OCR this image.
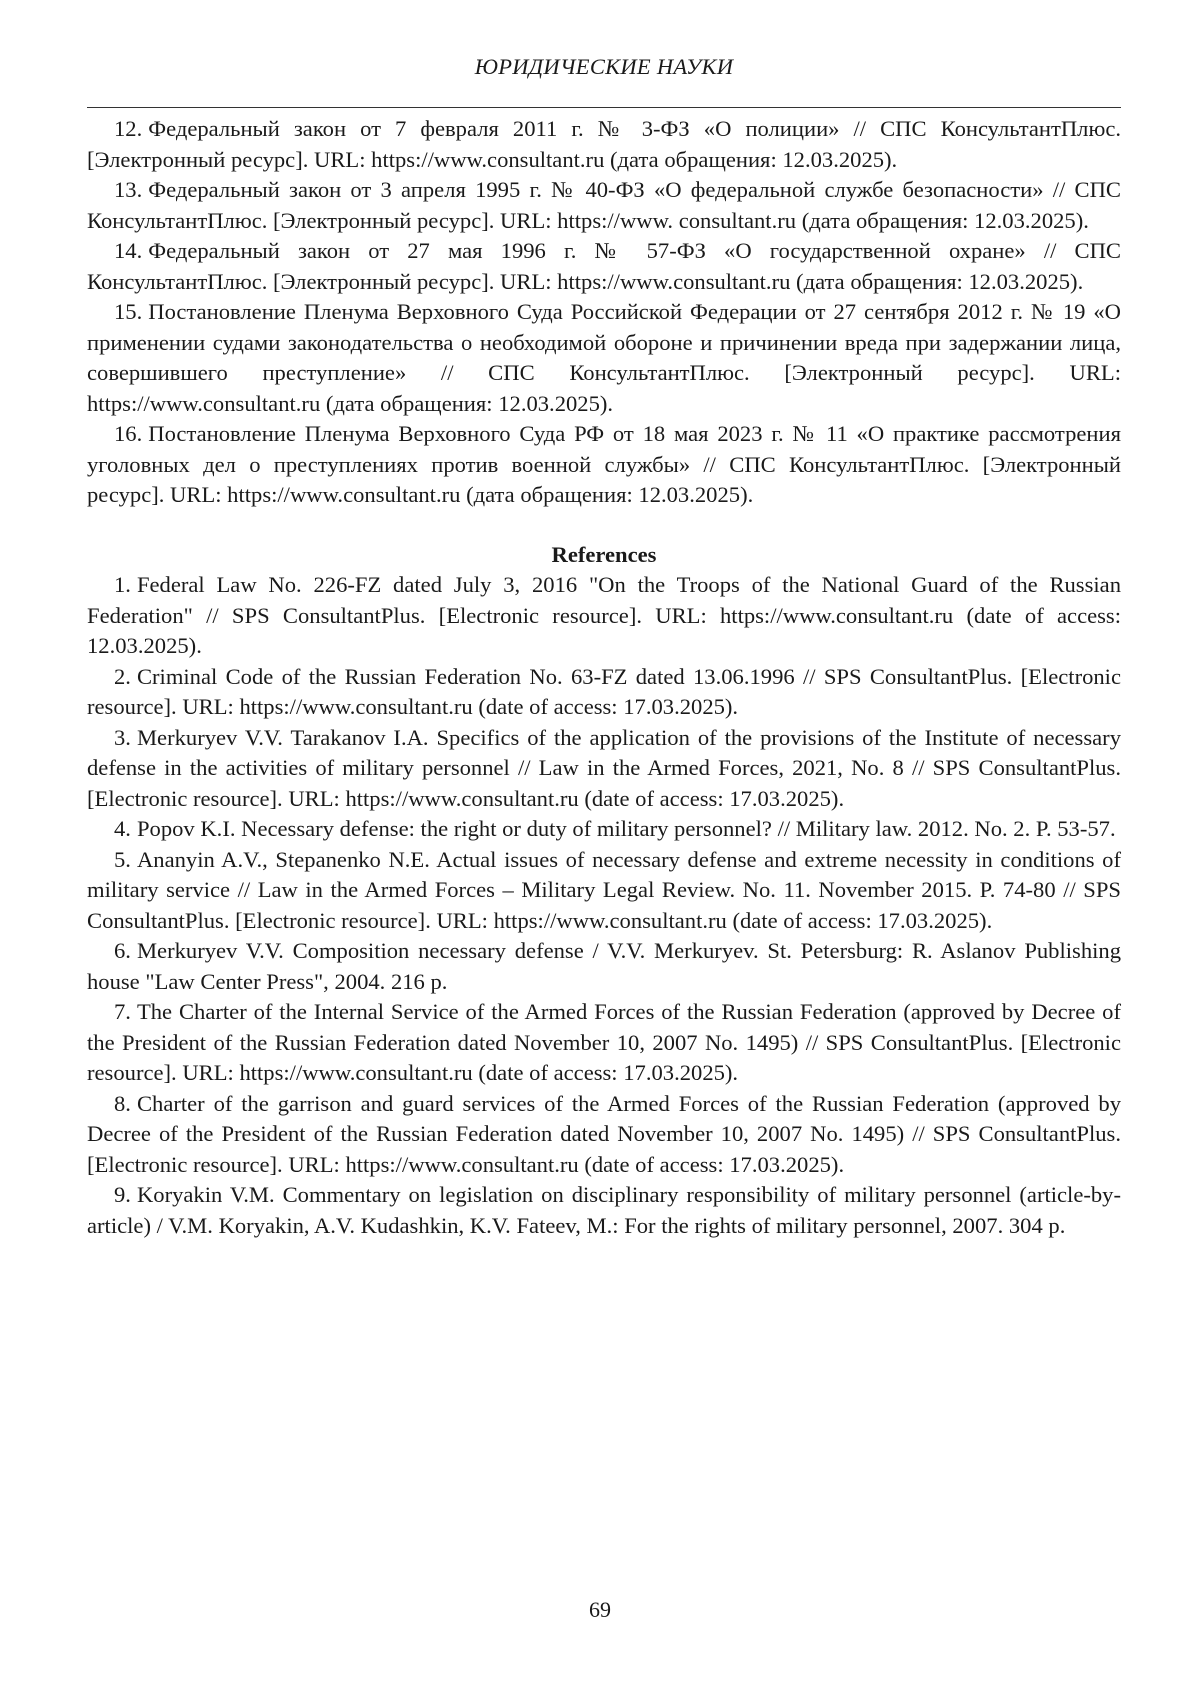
ЮРИДИЧЕСКИЕ НАУКИ

12. Федеральный закон от 7 февраля 2011 г. № 3-ФЗ «О полиции» // СПС КонсультантПлюс. [Электронный ресурс]. URL: https://www.consultant.ru (дата обращения: 12.03.2025).

13. Федеральный закон от 3 апреля 1995 г. № 40-ФЗ «О федеральной службе безопасности» // СПС КонсультантПлюс. [Электронный ресурс]. URL: https://www. consultant.ru (дата обращения: 12.03.2025).

14. Федеральный закон от 27 мая 1996 г. № 57-ФЗ «О государственной охране» // СПС КонсультантПлюс. [Электронный ресурс]. URL: https://www.consultant.ru (дата обращения: 12.03.2025).

15. Постановление Пленума Верховного Суда Российской Федерации от 27 сентября 2012 г. № 19 «О применении судами законодательства о необходимой обороне и причинении вреда при задержании лица, совершившего преступление» // СПС КонсультантПлюс. [Электронный ресурс]. URL: https://www.consultant.ru (дата обращения: 12.03.2025).

16. Постановление Пленума Верховного Суда РФ от 18 мая 2023 г. № 11 «О практике рассмотрения уголовных дел о преступлениях против военной службы» // СПС КонсультантПлюс. [Электронный ресурс]. URL: https://www.consultant.ru (дата обращения: 12.03.2025).

References

1. Federal Law No. 226-FZ dated July 3, 2016 "On the Troops of the National Guard of the Russian Federation" // SPS ConsultantPlus. [Electronic resource]. URL: https://www.consultant.ru (date of access: 12.03.2025).

2. Criminal Code of the Russian Federation No. 63-FZ dated 13.06.1996 // SPS ConsultantPlus. [Electronic resource]. URL: https://www.consultant.ru (date of access: 17.03.2025).

3. Merkuryev V.V. Tarakanov I.A. Specifics of the application of the provisions of the Institute of necessary defense in the activities of military personnel // Law in the Armed Forces, 2021, No. 8 // SPS ConsultantPlus. [Electronic resource]. URL: https://www.consultant.ru (date of access: 17.03.2025).

4. Popov K.I. Necessary defense: the right or duty of military personnel? // Military law. 2012. No. 2. P. 53-57.

5. Ananyin A.V., Stepanenko N.E. Actual issues of necessary defense and extreme necessity in conditions of military service // Law in the Armed Forces – Military Legal Review. No. 11. November 2015. P. 74-80 // SPS ConsultantPlus. [Electronic resource]. URL: https://www.consultant.ru (date of access: 17.03.2025).

6. Merkuryev V.V. Composition necessary defense / V.V. Merkuryev. St. Petersburg: R. Aslanov Publishing house "Law Center Press", 2004. 216 p.

7. The Charter of the Internal Service of the Armed Forces of the Russian Federation (approved by Decree of the President of the Russian Federation dated November 10, 2007 No. 1495) // SPS ConsultantPlus. [Electronic resource]. URL: https://www.consultant.ru (date of access: 17.03.2025).

8. Charter of the garrison and guard services of the Armed Forces of the Russian Federation (approved by Decree of the President of the Russian Federation dated November 10, 2007 No. 1495) // SPS ConsultantPlus. [Electronic resource]. URL: https://www.consultant.ru (date of access: 17.03.2025).

9. Koryakin V.M. Commentary on legislation on disciplinary responsibility of military personnel (article-by-article) / V.M. Koryakin, A.V. Kudashkin, K.V. Fateev, M.: For the rights of military personnel, 2007. 304 p.

69
